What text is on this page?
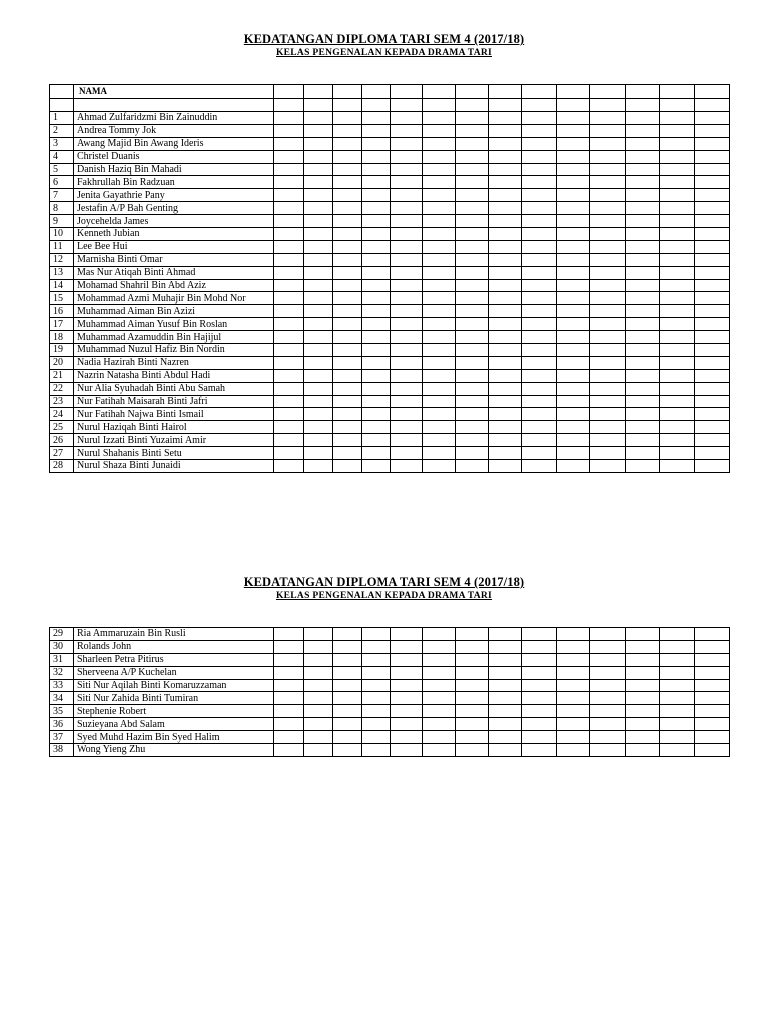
KEDATANGAN DIPLOMA TARI SEM 4 (2017/18)
KELAS PENGENALAN KEPADA DRAMA TARI
	NAMA														

1	Ahmad Zulfaridzmi Bin Zainuddin														
2	Andrea Tommy Jok														
3	Awang Majid Bin Awang Ideris														
4	Christel Duanis														
5	Danish Haziq Bin Mahadi														
6	Fakhrullah Bin Radzuan														
7	Jenita Gayathrie Pany														
8	Jestafin A/P Bah Genting														
9	Joycehelda James														
10	Kenneth Jubian														
11	Lee Bee Hui														
12	Marnisha Binti Omar														
13	Mas Nur Atiqah Binti Ahmad														
14	Mohamad Shahril Bin Abd Aziz														
15	Mohammad Azmi Muhajir Bin Mohd Nor														
16	Muhammad Aiman Bin Azizi														
17	Muhammad Aiman Yusuf Bin Roslan														
18	Muhammad Azamuddin Bin Hajijul														
19	Muhammad Nuzul Hafiz Bin Nordin														
20	Nadia Hazirah Binti Nazren														
21	Nazrin Natasha Binti Abdul Hadi														
22	Nur Alia Syuhadah Binti Abu Samah														
23	Nur Fatihah Maisarah Binti Jafri														
24	Nur Fatihah Najwa Binti Ismail														
25	Nurul Haziqah Binti Hairol														
26	Nurul Izzati Binti Yuzaimi Amir														
27	Nurul Shahanis Binti Setu														
28	Nurul Shaza Binti Junaidi														
KEDATANGAN DIPLOMA TARI SEM 4 (2017/18)
KELAS PENGENALAN KEPADA DRAMA TARI
29	Ria Ammaruzain Bin Rusli														
30	Rolands John														
31	Sharleen Petra Pitirus														
32	Sherveena A/P Kuchelan														
33	Siti Nur Aqilah Binti Komaruzzaman														
34	Siti Nur Zahida Binti Tumiran														
35	Stephenie Robert														
36	Suzieyana Abd Salam														
37	Syed Muhd Hazim Bin Syed Halim														
38	Wong Yieng Zhu														
